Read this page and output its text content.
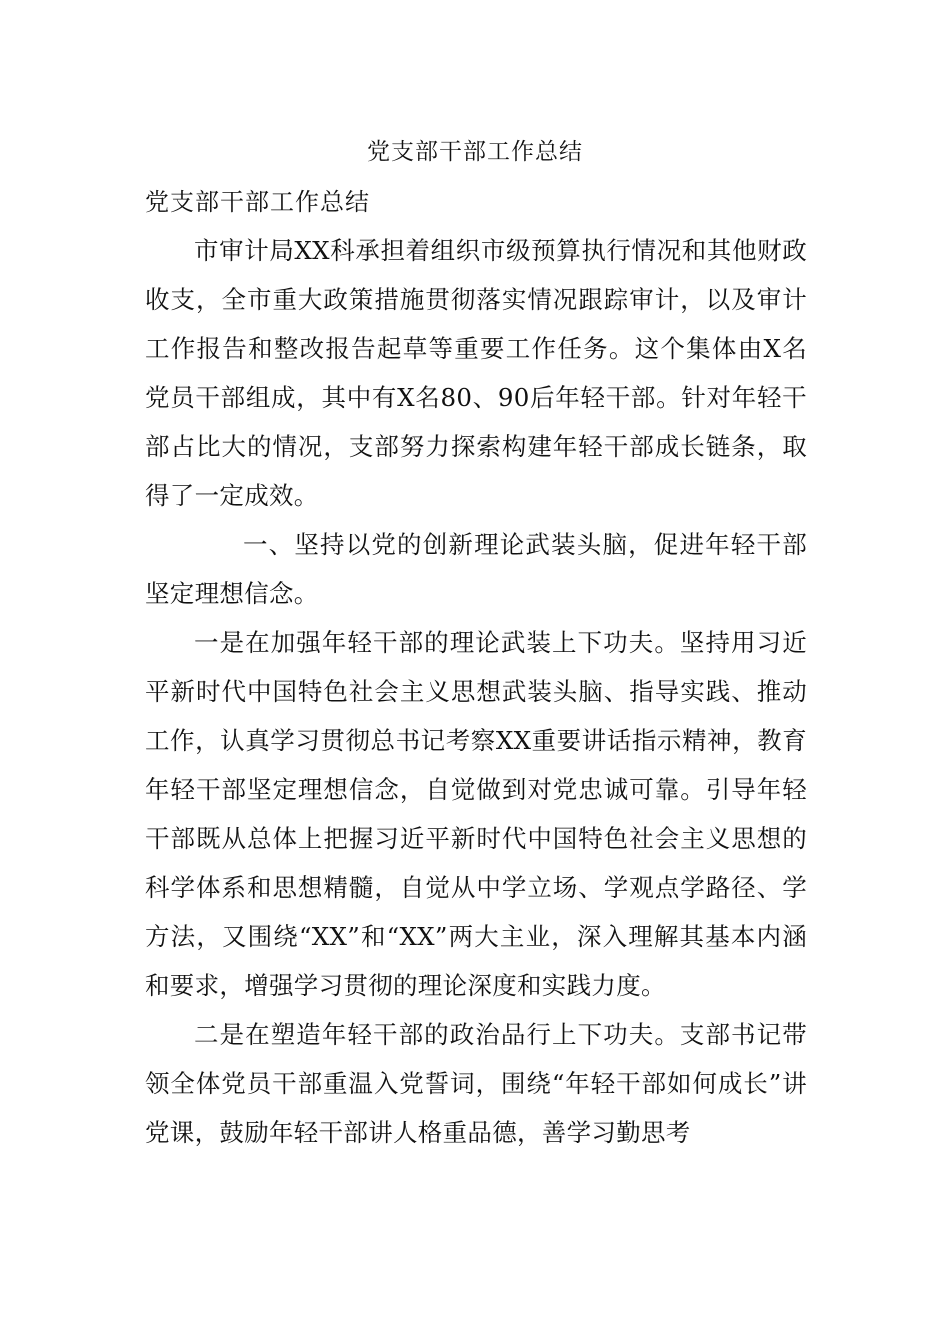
党支部干部工作总结
党支部干部工作总结

市审计局XX科承担着组织市级预算执行情况和其他财政收支，全市重大政策措施贯彻落实情况跟踪审计，以及审计工作报告和整改报告起草等重要工作任务。这个集体由X名党员干部组成，其中有X名80、90后年轻干部。针对年轻干部占比大的情况，支部努力探索构建年轻干部成长链条，取得了一定成效。

一、坚持以党的创新理论武装头脑，促进年轻干部坚定理想信念。

一是在加强年轻干部的理论武装上下功夫。坚持用习近平新时代中国特色社会主义思想武装头脑、指导实践、推动工作，认真学习贯彻总书记考察XX重要讲话指示精神，教育年轻干部坚定理想信念，自觉做到对党忠诚可靠。引导年轻干部既从总体上把握习近平新时代中国特色社会主义思想的科学体系和思想精髓，自觉从中学立场、学观点学路径、学方法，又围绕“XX”和“XX”两大主业，深入理解其基本内涵和要求，增强学习贯彻的理论深度和实践力度。

二是在塑造年轻干部的政治品行上下功夫。支部书记带领全体党员干部重温入党誓词，围绕“年轻干部如何成长”讲党课，鼓励年轻干部讲人格重品德，善学习勤思考
